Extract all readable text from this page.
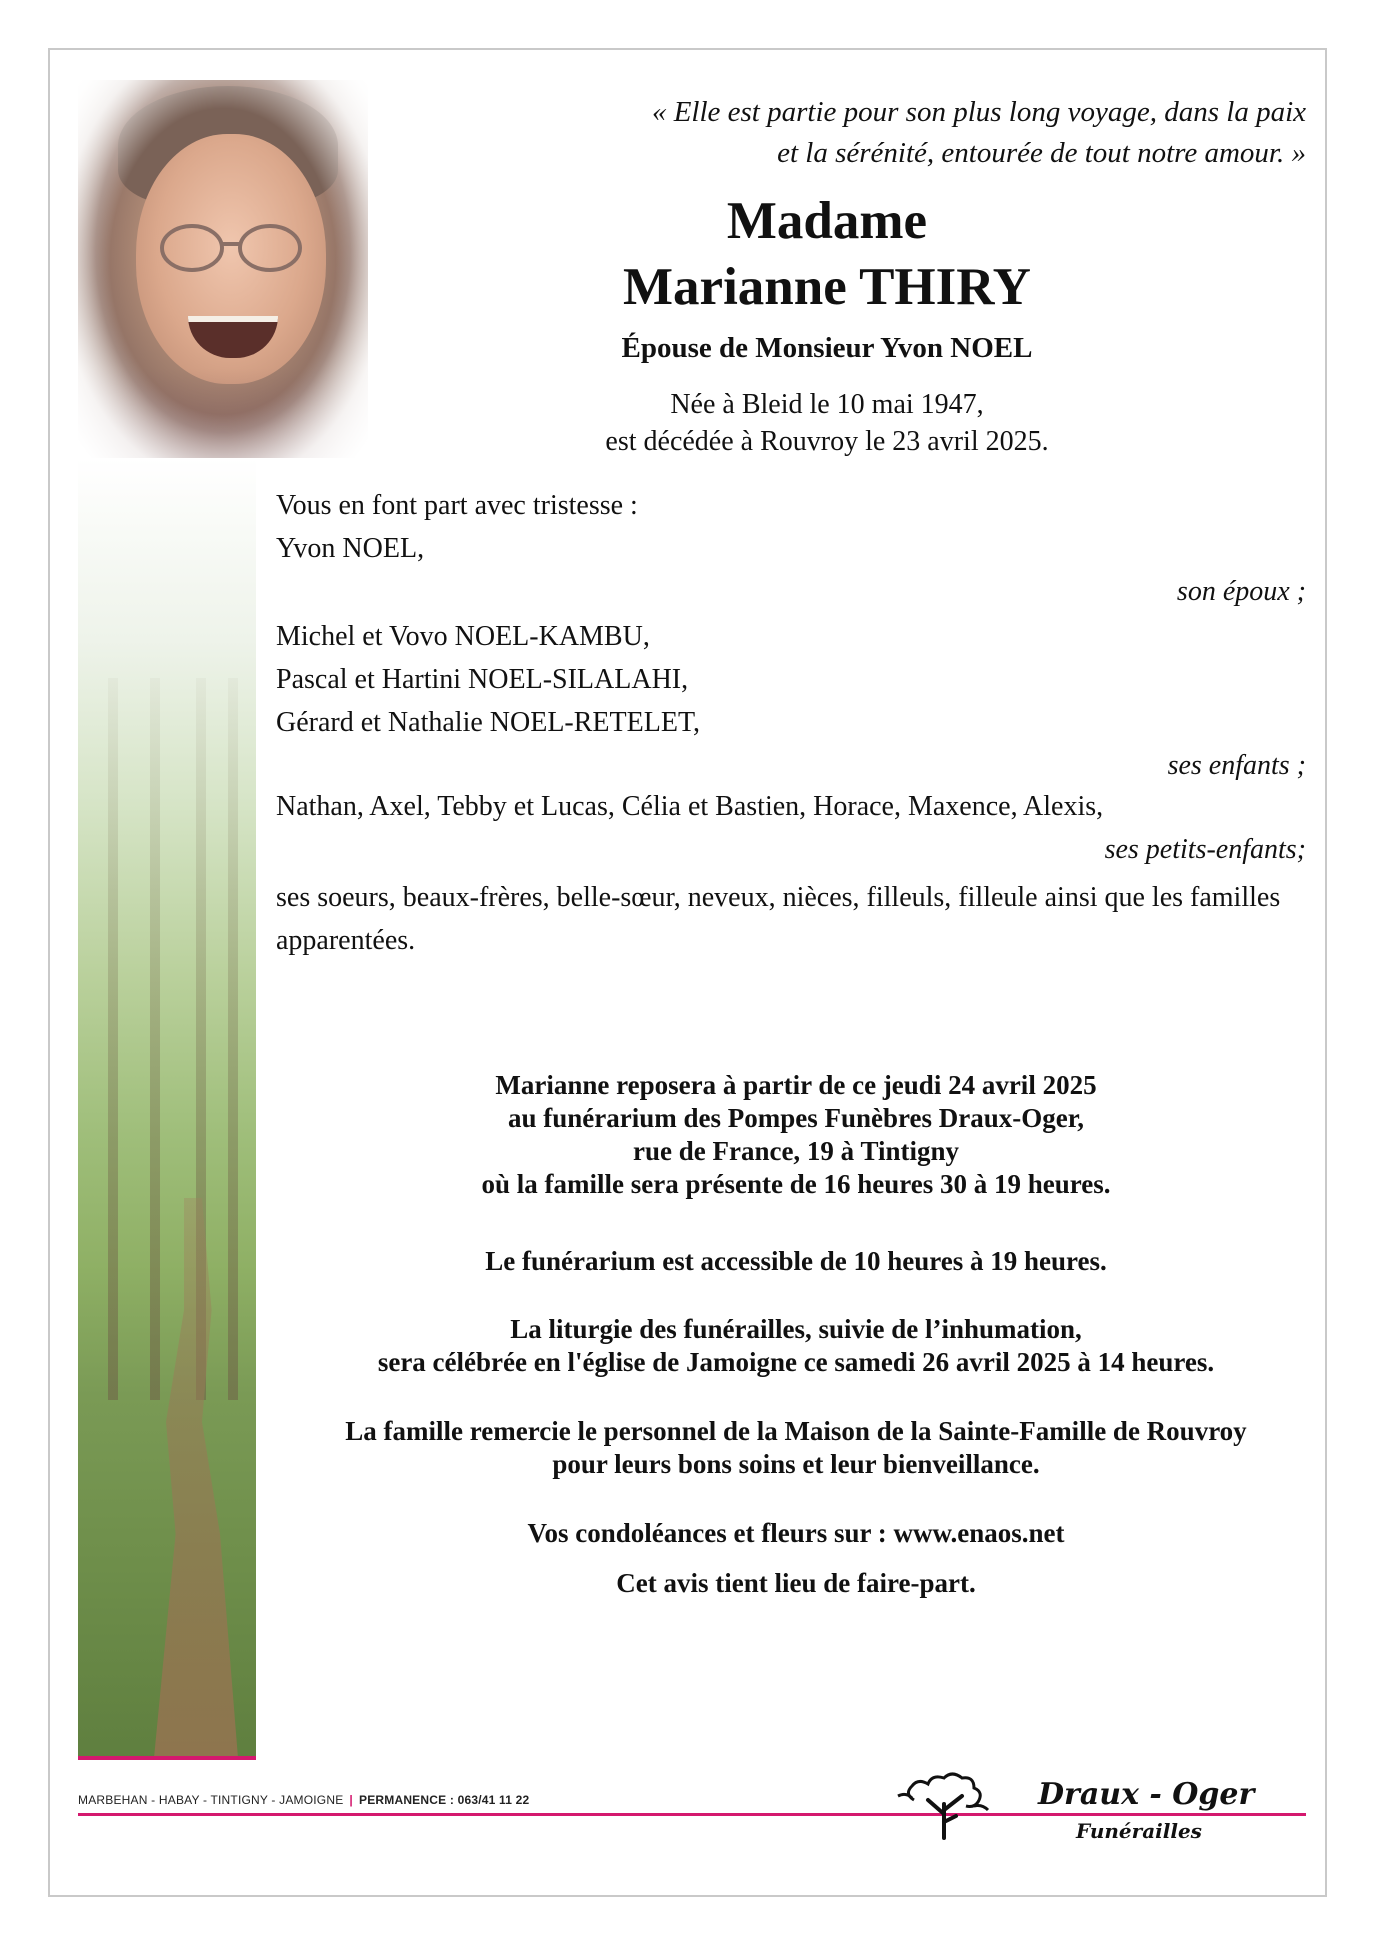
« Elle est partie pour son plus long voyage, dans la paix
et la sérénité, entourée de tout notre amour. »
Madame
Marianne THIRY
Épouse de Monsieur Yvon NOEL
Née à Bleid le 10 mai 1947,
est décédée à Rouvroy le 23 avril 2025.
Vous en font part avec tristesse :
Yvon NOEL,
son époux ;
Michel et Vovo NOEL-KAMBU,
Pascal et Hartini NOEL-SILALAHI,
Gérard et Nathalie NOEL-RETELET,
ses enfants ;
Nathan, Axel, Tebby et Lucas, Célia et Bastien, Horace, Maxence, Alexis,
ses petits-enfants;
ses soeurs, beaux-frères, belle-sœur, neveux, nièces, filleuls, filleule ainsi que les familles apparentées.
Marianne reposera à partir de ce jeudi 24 avril 2025
au funérarium des Pompes Funèbres Draux-Oger,
rue de France, 19 à Tintigny
où la famille sera présente de 16 heures 30 à 19 heures.
Le funérarium est accessible de 10 heures à 19 heures.
La liturgie des funérailles, suivie de l’inhumation,
sera célébrée en l'église de Jamoigne ce samedi 26 avril 2025 à 14 heures.
La famille remercie le personnel de la Maison de la Sainte-Famille de Rouvroy
pour leurs bons soins et leur bienveillance.
Vos condoléances et fleurs sur : www.enaos.net
Cet avis tient lieu de faire-part.
MARBEHAN - HABAY - TINTIGNY - JAMOIGNE | PERMANENCE : 063/41 11 22	Draux - Oger
Funérailles
